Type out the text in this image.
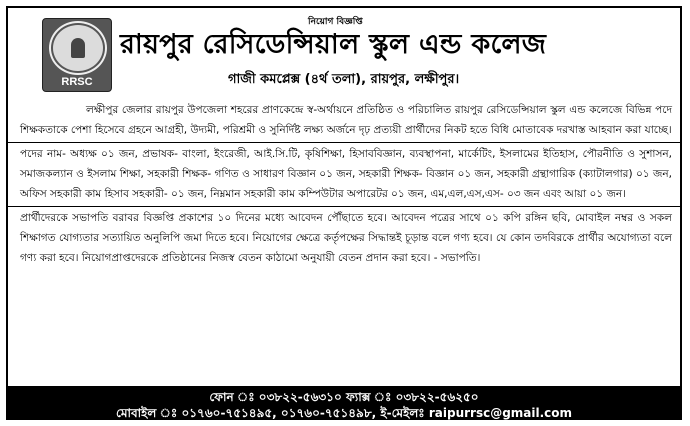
RRSC
নিয়োগ বিজ্ঞপ্তি
রায়পুর রেসিডেন্সিয়াল স্কুল এন্ড কলেজ
গাজী কমপ্লেক্স (৪র্থ তলা), রায়পুর, লক্ষীপুর।

লক্ষীপুর জেলার রায়পুর উপজেলা শহরের প্রাণকেন্দ্রে স্ব-অর্থায়নে প্রতিষ্ঠিত ও পরিচালিত রায়পুর রেসিডেন্সিয়াল স্কুল এন্ড কলেজে বিভিন্ন পদে শিক্ষকতাকে পেশা হিসেবে গ্রহনে আগ্রহী, উদ্যমী, পরিশ্রমী ও সুনির্দিষ্ট লক্ষ্য অর্জনে দৃঢ় প্রত্যয়ী প্রার্থীদের নিকট হতে বিধি মোতাবেক দরখাস্ত আহবান করা যাচ্ছে।

পদের নাম- অধ্যক্ষ ০১ জন, প্রভাষক- বাংলা, ইংরেজী, আই.সি.টি, কৃষিশিক্ষা, হিসাববিজ্ঞান, ব্যবস্থাপনা, মার্কেটিং, ইসলামের ইতিহাস, পৌরনীতি ও সুশাসন, সমাজকল্যান ও ইসলাম শিক্ষা, সহকারী শিক্ষক- গণিত ও সাধারণ বিজ্ঞান ০১ জন, সহকারী শিক্ষক- বিজ্ঞান ০১ জন, সহকারী গ্রন্থাগারিক (ক্যাটালগার) ০১ জন, অফিস সহকারী কাম হিসাব সহকারী- ০১ জন, নিম্নমান সহকারী কাম কম্পিউটার অপারেটর ০১ জন, এম,এল,এস,এস- ০৩ জন এবং আয়া ০১ জন।

প্রার্থীদেরকে সভাপতি বরাবর বিজ্ঞপ্তি প্রকাশের ১০ দিনের মধ্যে আবেদন পৌঁছাতে হবে। আবেদন পত্রের সাথে ০১ কপি রঙ্গিন ছবি, মোবাইল নম্বর ও সকল শিক্ষাগত যোগ্যতার সত্যায়িত অনুলিপি জমা দিতে হবে। নিয়োগের ক্ষেত্রে কর্তৃপক্ষের সিদ্ধান্তই চূড়ান্ত বলে গণ্য হবে। যে কোন তদবিরকে প্রার্থীর অযোগ্যতা বলে গণ্য করা হবে। নিয়োগপ্রাপ্তদেরকে প্রতিষ্ঠানের নিজস্ব বেতন কাঠামো অনুযায়ী বেতন প্রদান করা হবে। - সভাপতি।

ফোন ঃ ০৩৮২২-৫৬৩১০ ফ্যাক্স ঃ ০৩৮২২-৫৬২৫০
মোবাইল ঃ ০১৭৬০-৭৫১৪৯৫, ০১৭৬০-৭৫১৪৯৮, ই-মেইলঃ raipurrsc@gmail.com
